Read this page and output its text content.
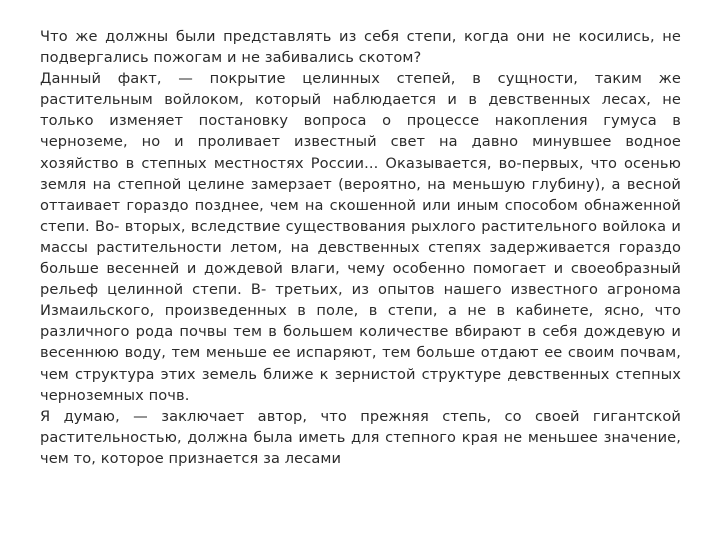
Что же должны были представлять из себя степи, когда они не косились, не подвергались пожогам и не забивались скотом?

Данный факт, — покрытие целинных степей, в сущности, таким же растительным войлоком, который наблюдается и в девственных лесах, не только изменяет постановку вопроса о процессе накопления гумуса в черноземе, но и проливает известный свет на давно минувшее водное хозяйство в степных местностях России... Оказывается, во-первых, что осенью земля на степной целине замерзает (вероятно, на меньшую глубину), а весной оттаивает гораздо позднее, чем на скошенной или иным способом обнаженной степи. Во- вторых, вследствие существования рыхлого растительного войлока и массы растительности летом, на девственных степях задерживается гораздо больше весенней и дождевой влаги, чему особенно помогает и своеобразный рельеф целинной степи. В- третьих, из опытов нашего известного агронома Измаильского, произведенных в поле, в степи, а не в кабинете, ясно, что различного рода почвы тем в большем количестве вбирают в себя дождевую и весеннюю воду, тем меньше ее испаряют, тем больше отдают ее своим почвам, чем структура этих земель ближе к зернистой структуре девственных степных черноземных почв.

Я думаю, — заключает автор, что прежняя степь, со своей гигантской растительностью, должна была иметь для степного края не меньшее значение, чем то, которое признается за лесами
